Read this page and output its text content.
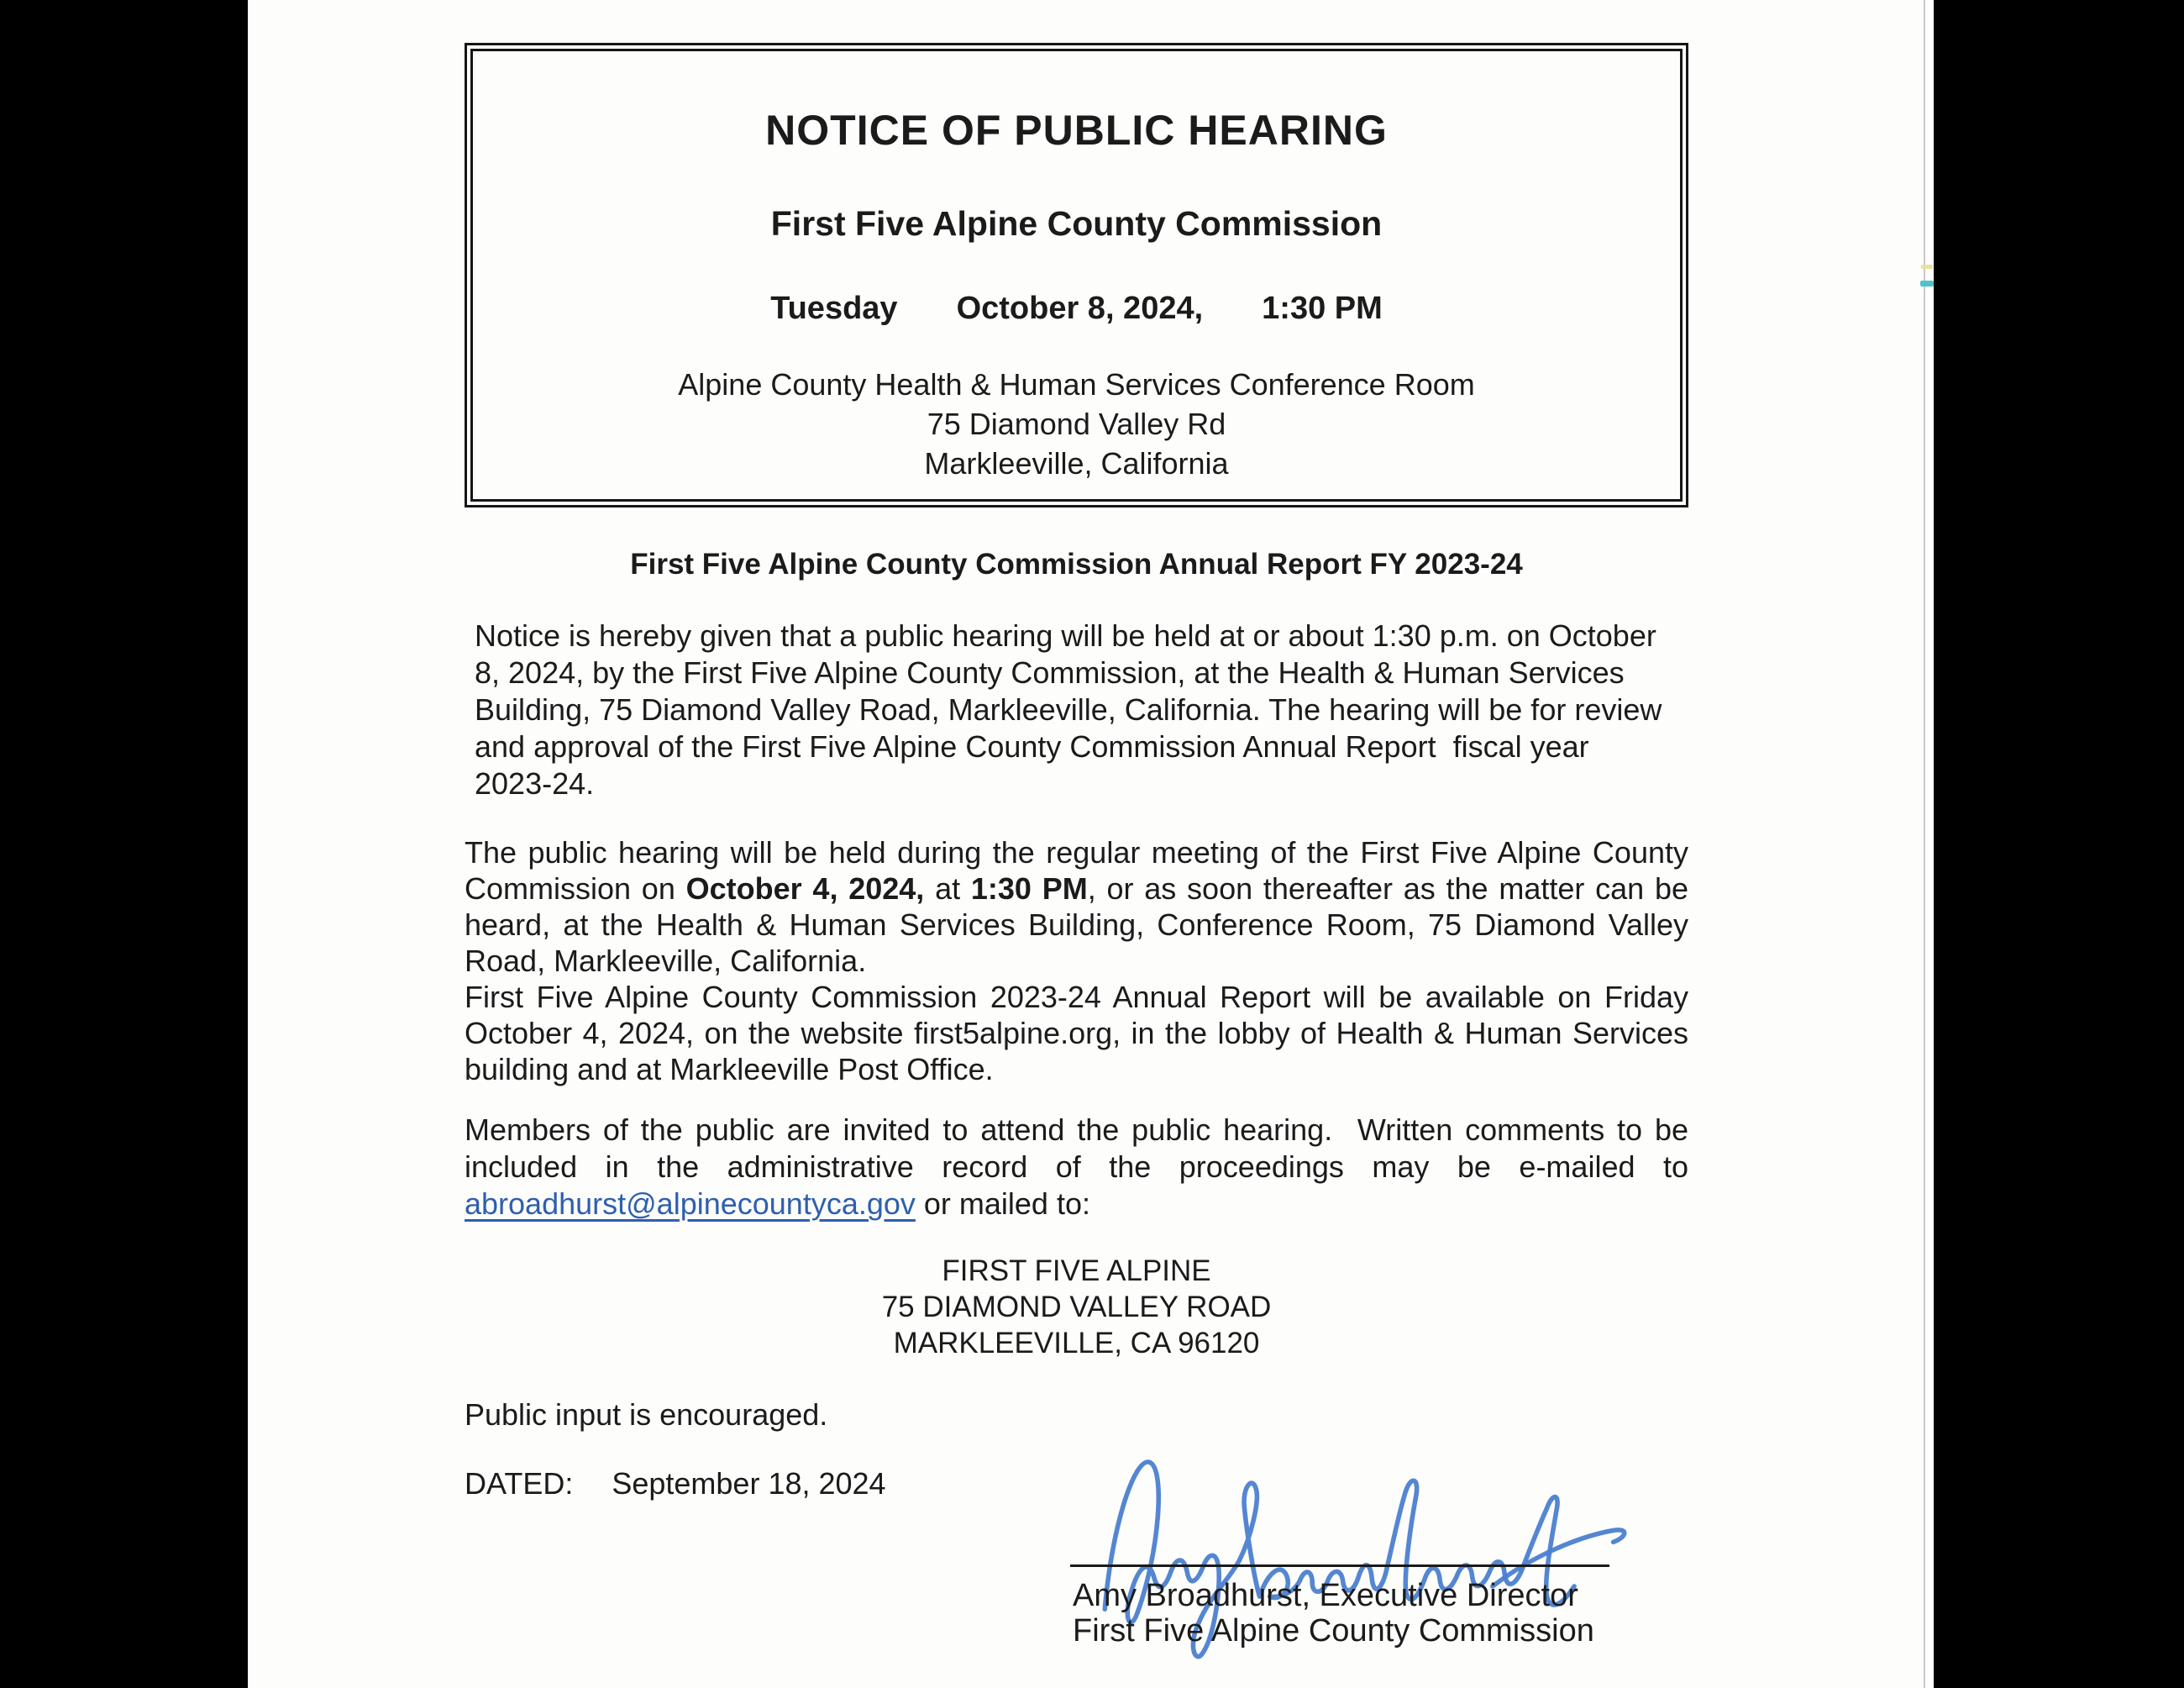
NOTICE OF PUBLIC HEARING
First Five Alpine County Commission
Tuesday October 8, 2024, 1:30 PM
Alpine County Health & Human Services Conference Room
75 Diamond Valley Rd
Markleeville, California
First Five Alpine County Commission Annual Report FY 2023-24
Notice is hereby given that a public hearing will be held at or about 1:30 p.m. on October
8, 2024, by the First Five Alpine County Commission, at the Health & Human Services
Building, 75 Diamond Valley Road, Markleeville, California. The hearing will be for review
and approval of the First Five Alpine County Commission Annual Report  fiscal year
2023-24.
The public hearing will be held during the regular meeting of the First Five Alpine County
Commission on October 4, 2024, at 1:30 PM, or as soon thereafter as the matter can be
heard, at the Health & Human Services Building, Conference Room, 75 Diamond Valley
Road, Markleeville, California.
First Five Alpine County Commission 2023-24 Annual Report will be available on Friday
October 4, 2024, on the website first5alpine.org, in the lobby of Health & Human Services
building and at Markleeville Post Office.
Members of the public are invited to attend the public hearing.  Written comments to be
included in the administrative record of the proceedings may be e-mailed to
abroadhurst@alpinecountyca.gov or mailed to:
FIRST FIVE ALPINE
75 DIAMOND VALLEY ROAD
MARKLEEVILLE, CA 96120
Public input is encouraged.
DATED: September 18, 2024
Amy Broadhurst, Executive Director
First Five Alpine County Commission
